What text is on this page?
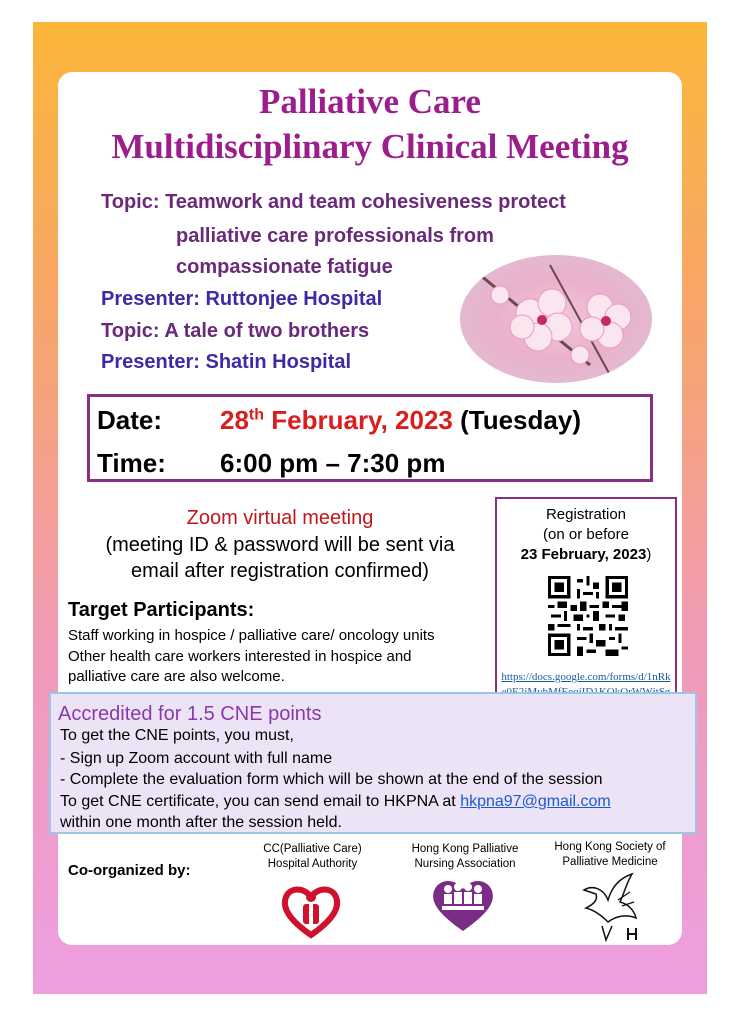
Palliative Care
Multidisciplinary Clinical Meeting
Topic: Teamwork and team cohesiveness protect
palliative care professionals from
compassionate fatigue
Presenter: Ruttonjee Hospital
Topic: A tale of two brothers
Presenter: Shatin Hospital
Date: 28th February, 2023 (Tuesday)
Time: 6:00 pm – 7:30 pm
Zoom virtual meeting
(meeting ID & password will be sent via
email after registration confirmed)
Registration
(on or before
23 February, 2023)
https://docs.google.com/forms/d/1nRk
Target Participants:
Staff working in hospice / palliative care/ oncology units
Other health care workers interested in hospice and
palliative care are also welcome.
Accredited for 1.5 CNE points
To get the CNE points, you must,
- Sign up Zoom account with full name
- Complete the evaluation form which will be shown at the end of the session
To get CNE certificate, you can send email to HKPNA at hkpna97@gmail.com
within one month after the session held.
Co-organized by:
CC(Palliative Care)
Hospital Authority
Hong Kong Palliative
Nursing Association
Hong Kong Society of
Palliative Medicine
